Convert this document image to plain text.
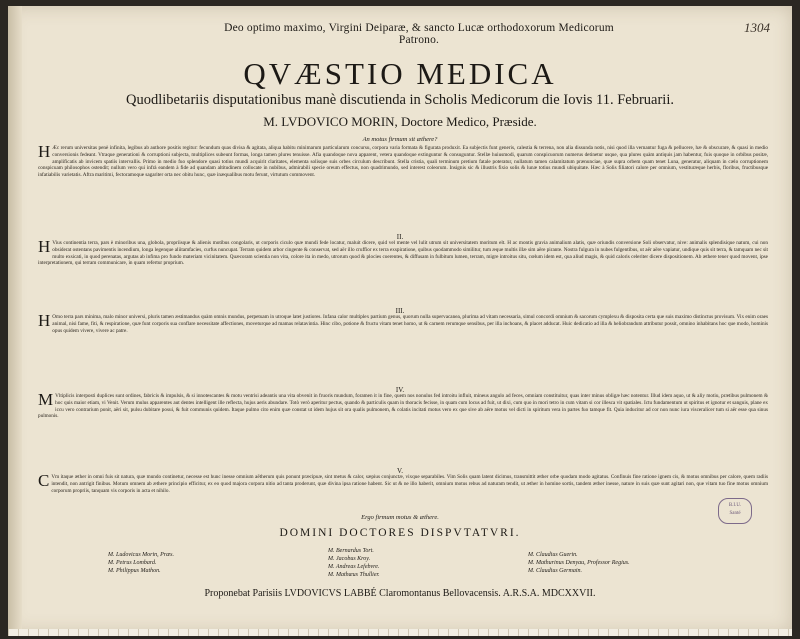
Deo optimo maximo, Virgini Deiparæ, & sancto Lucæ orthodoxorum Medicorum Patrono.
1304
QVÆSTIO MEDICA
Quodlibetariis disputationibus manè discutienda in Scholis Medicorum die Iovis 11. Februarii.
M. LVDOVICO MORIN, Doctore Medico, Præside.
An motus firmum sit æthere?
H Æc rerum universitas penè infinita, legibus ab authore positis regitur: fecundum quas divisa & agitata, aliqua habitu minimarum particularum concursu, corpora varia formata & figurata produxit. Ea subjectis funt generis, calestia & terrena, non alia dissunda notis, nisi quod illa vernantur fuga & pellucere, hæ & obscurare, & quasi in medio conversionis fedeant. Vtraque generationi & corruptioni subjecta, multiplices subeunt formas, longa tamen plures tenuisse. Afia quandoque nova apparent, vetera quandoque extinguntur & consuguntur. Stellæ huiusmodi, quarum conspicuorum numerus detinetur usque, qua plures quàm antiquis jam habentur, fuis quoque in orbibus positæ, amplificatis ab invicem spatiis intervallis. Primo in medio fuo splendore quasi totius mundi acquirit claritates, elementa solisque suis orbes circulum describunt. Stella cristia, quali terminum pretium fatale poteratur, nullatum tamen calamitatum prænunciae, quæ supra orbem quam tenet Luna, generatur, aliquam in cælo corruptionem conspicuam philosophos ostendit; nullum vero qui infrà eandem à fide ad quandam altitudinem collocate in nubibus, admirabili specie oreum effectus, non quadrimundo, sed interest coleorum. Insignis sic & illustris fixio solis & lunæ totius mundi ubiquitate. Hæc à Solis filiatori calore per omnium, vestituræque herbis, floribus, fructibusque infatiabilis varietatis. Aftra maritimi, fectoramoque sagariter orta nec obitu hunc, quæ inæqualibus motu ferunt, virtutum commovent.
II.
H Vius continentia terra, pars è minoribus una, globola, propriisque & alienis motibus congolaris, ut corporis ciculo quæ mundi fede locatur, maluit dicere, quid vel mente vel lulit utrum sit universitatem moritum elt. H ac montis gravia animalium alatis, quæ oriundis conversione Soli observatur, nive: animalis splendisique natum, cui non obsiderat ostentans pavimentis incendium, longa legenque aliitamfacies, curfus nuncupat. Terram quidem arbor cingente & conservat, sed aër illo cruffior ex terra exspiratione, quibus quodammodo similitur, tum æque multis illæ sim aëre pirante. Nostra fulgura in nubes fulgentibus, ut aër aëre vapiatur, undique quis sit terra, & tamquam nec sit multo exsicati, in quod perenatas, argutas ab infima pro fundo materiam vicinitatem. Quæcoram scientia non vita, colore ita in medo, utrorum quod & plocies coerentes, & diffusam in fulbitum lumen, terram, migre introitus situ, cœlum idem est, qua aliud magis, & quid caloris celeriter dicere dispositionem. Ab æthere tener quod movent, ipse interpretationem, qui terram communicare, in quam refertur proprium.
III.
H Omo terra pars minima, malo minor universi, pluris tamen æstimandus quàm omnis mundus, perpetuam in utroque latet justiores. Infana calor multiplex partium genus, quorum nulla supervacanea, plurima ad vitam necessaria, simul concordi omnium & sacorum cymplexu & disposita certa que suis maximo distinctus provisum. Vix enim oraes animal, nisi fame, fiti, & respiratione, quæ funt corporis sua conflare necessitate affectiones, moveturque ad mamas relatavintia. Hinc cibo, potione & fructu vitam tenet homo, ut & carnem rerumque sensibus, per illa inchoans, & placet adducat. Huic dedicatio ad illa & heliobrandum attributur possit, omnino inhabitans hoc que modo, hominis opus quidem vivere, vivere ac patre.
IV.
M Vltiplicis interposti duplices sunt ordines, fabricis & impulsis, & si innotescantes & motu ventrisi adeantis una vita obvenit in fruoris mundum, foramen it in fine, quem nos nonulus fed introitu influit, mineus angulo ad feces, omniam constituitur, quas inter minus obligæ hæc notentur. Illud idem aquo, ut & aliy motiu, prætibus pulmonem & hoc quis maior etiam, vi Venit. Verum mulus apparentes aut dentes intelligent ille reflecta, hujus aeris abundare. Totò verò aperitur pectus, quando & particulis quam in thoracis fecisse, in quam cum locus ad fuit, ut dixi, cum quo in mori tetro in cum vitam si cor illesca vit spatiales. Ictu fundamentum ut spiritus et ignotur et sanguis, plane ex iccu vero contrarium ponit, aëri sit, pulsu dubitare posui, & fuit communis quidem. Itaque pulmo cito enim quæ constat ut idem hujus sit ora qualis pulmonem, & colatis incitati motus vero ex que sive ab aëre motus vel dicti in spiritum vera in partes fuo tamque fit. Quia inducitur ad cor non nunc iura visceralicer tum si aër esse qua sinus pulmonis.
V.
C Vm itaque æther in omni fuis sit natura, quæ mundo continetur, necesse est hunc inesse omnium aëtherum quis ponunt præcipuæ, sint metus & calor, sæpius conjunctæ, vixque separabiles. Vim Solis quam latent dicimus, transmittit æther orbe quodam modo agitatus. Confinuis fine ratione ignem cis, & motus omnibus per calore, quem radiis intendit, non antrigit finibus. Motum omnem ab æthere principio efficitur, ex eo quod majora corpora nitio ad tanta proderunt, quæ divina ipsa ratione habent. Sic ut & ne illo haberit, omnium motus rebus ad naturam tendit, ut æther in homine sortis, tandem æther inesse, nature in suis quæ sunt agitari non, que vitam tuo fine motus omnium corporum propriis, tanquam vis corporis in acta et nihilo.
Ergo firmum motus & æthere.
B.I.U.
Santé
DOMINI DOCTORES DISPVTATVRI.
M. Ludovicus Morin, Præs.
M. Petrus Lombard.
M. Philippus Mathon.
M. Bernardus Tort.
M. Jacobus Kroy.
M. Andreas Lefebvre.
M. Mathæus Thullier.
M. Claudius Guerin.
M. Mathurinus Denyau, Professor Regius.
M. Claudius Germain.
Proponebat Parisiis LVDOVICVS LABBÉ Claromontanus Bellovacensis. A.R.S.A. MDCXXVII.
